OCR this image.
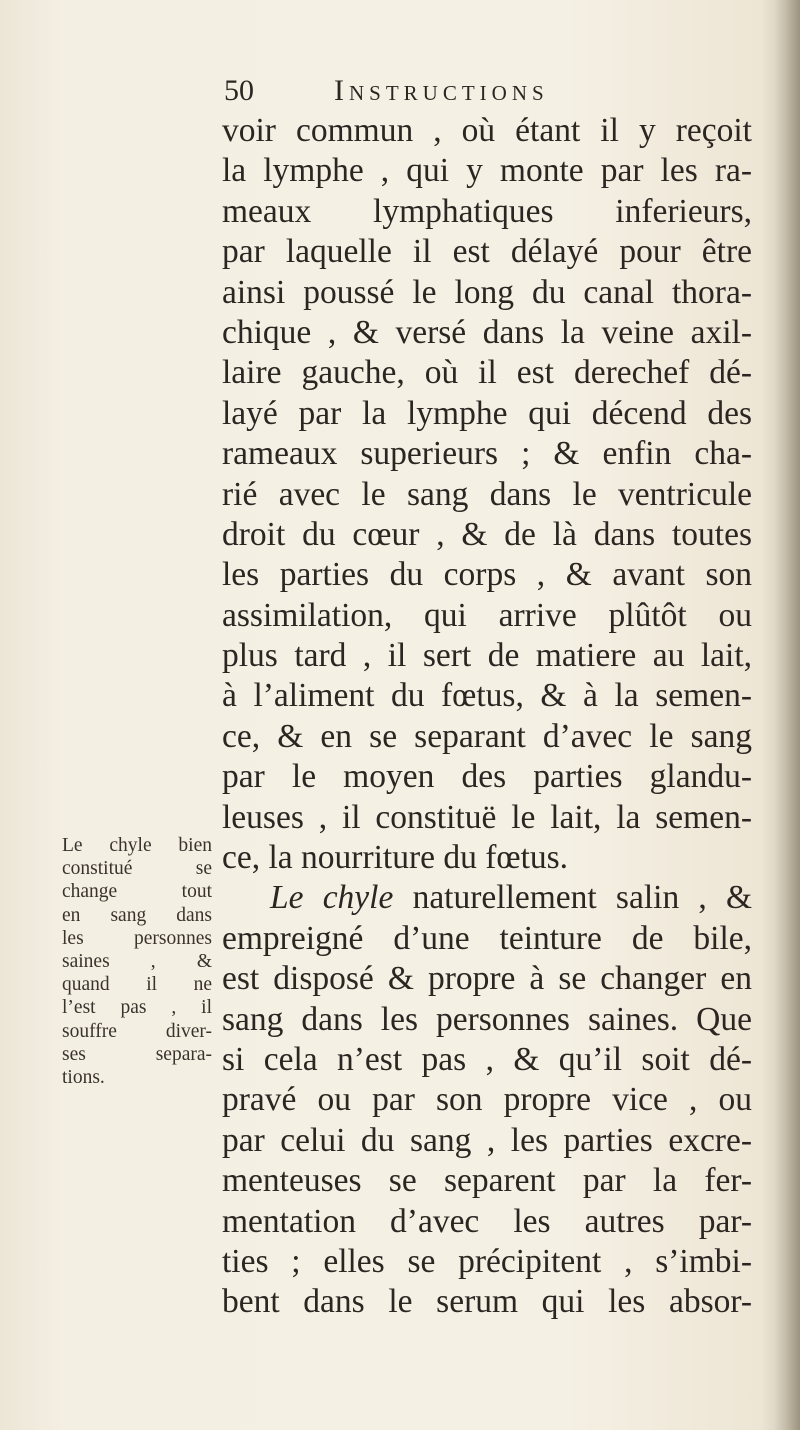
50	Instructions
Le chyle bien
constitué se
change tout
en sang dans
les personnes
saines , &
quand il ne
l’est pas , il
souffre diver-
ses separa-
tions.
voir commun , où étant il y reçoit
la lymphe , qui y monte par les ra-
meaux lymphatiques inferieurs,
par laquelle il est délayé pour être
ainsi poussé le long du canal thora-
chique , & versé dans la veine axil-
laire gauche, où il est derechef dé-
layé par la lymphe qui décend des
rameaux superieurs ; & enfin cha-
rié avec le sang dans le ventricule
droit du cœur , & de là dans toutes
les parties du corps , & avant son
assimilation, qui arrive plûtôt ou
plus tard , il sert de matiere au lait,
à l’aliment du fœtus, & à la semen-
ce, & en se separant d’avec le sang
par le moyen des parties glandu-
leuses , il constituë le lait, la semen-
ce, la nourriture du fœtus.
Le chyle naturellement salin , &
empreigné d’une teinture de bile,
est disposé & propre à se changer en
sang dans les personnes saines. Que
si cela n’est pas , & qu’il soit dé-
pravé ou par son propre vice , ou
par celui du sang , les parties excre-
menteuses se separent par la fer-
mentation d’avec les autres par-
ties ; elles se précipitent , s’imbi-
bent dans le serum qui les absor-
